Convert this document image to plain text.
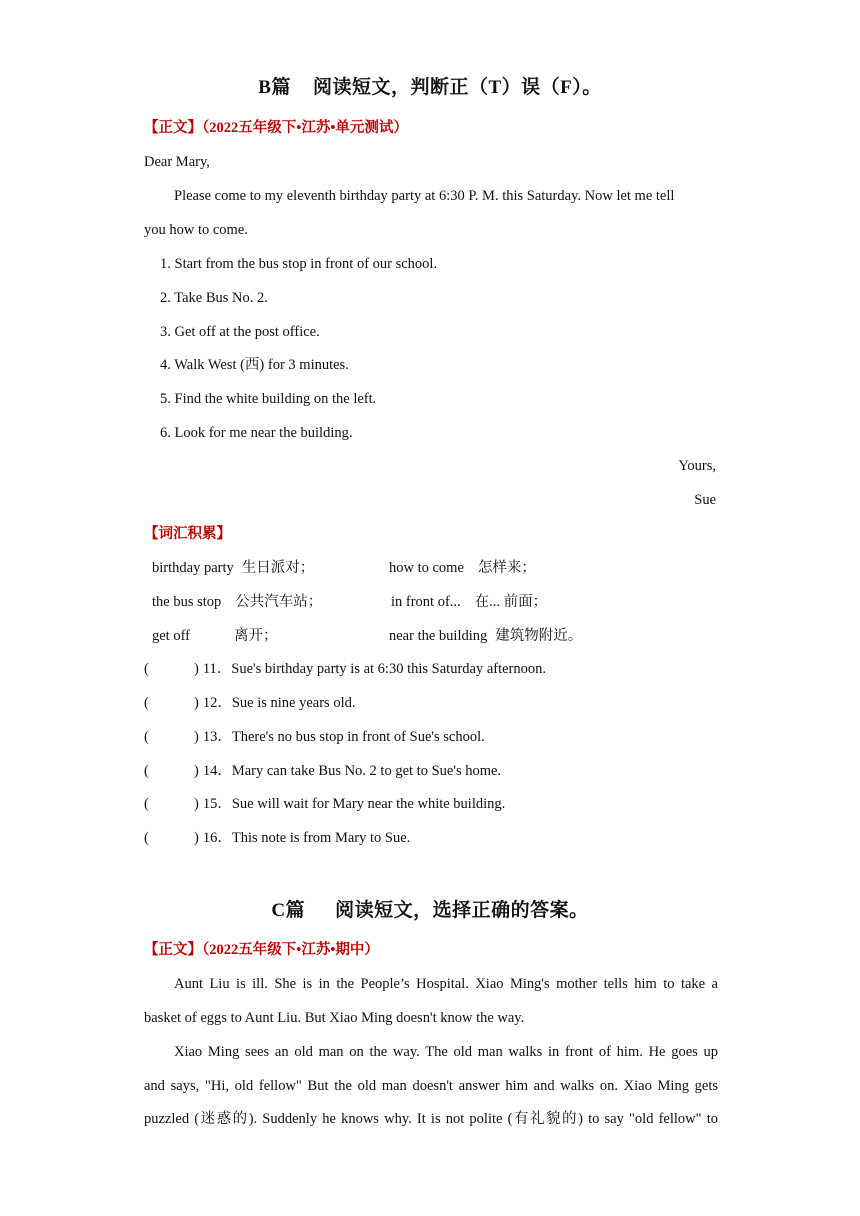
B篇 阅读短文，判断正（T）误（F）。
【正文】（2022五年级下•江苏•单元测试）
Dear Mary,
Please come to my eleventh birthday party at 6:30 P. M. this Saturday. Now let me tell
you how to come.
1. Start from the bus stop in front of our school.
2. Take Bus No. 2.
3. Get off at the post office.
4. Walk West (西) for 3 minutes.
5. Find the white building on the left.
6. Look for me near the building.
Yours,
Sue
【词汇积累】
birthday party 生日派对；	how to come 怎样来；
the bus stop 公共汽车站；	in front of... 在... 前面；
get off	离开；	near the building 建筑物附近。
(	) 11．Sue's birthday party is at 6:30 this Saturday afternoon.
(	) 12．Sue is nine years old.
(	) 13．There's no bus stop in front of Sue's school.
(	) 14．Mary can take Bus No. 2 to get to Sue's home.
(	) 15．Sue will wait for Mary near the white building.
(	) 16．This note is from Mary to Sue.
C篇 阅读短文，选择正确的答案。
【正文】（2022五年级下•江苏•期中）
Aunt Liu is ill. She is in the People’s Hospital. Xiao Ming's mother tells him to take a
basket of eggs to Aunt Liu. But Xiao Ming doesn't know the way.
Xiao Ming sees an old man on the way. The old man walks in front of him. He goes up
and says, "Hi, old fellow" But the old man doesn't answer him and walks on. Xiao Ming gets
puzzled (迷惑的). Suddenly he knows why. It is not polite (有礼貌的) to say "old fellow" to
